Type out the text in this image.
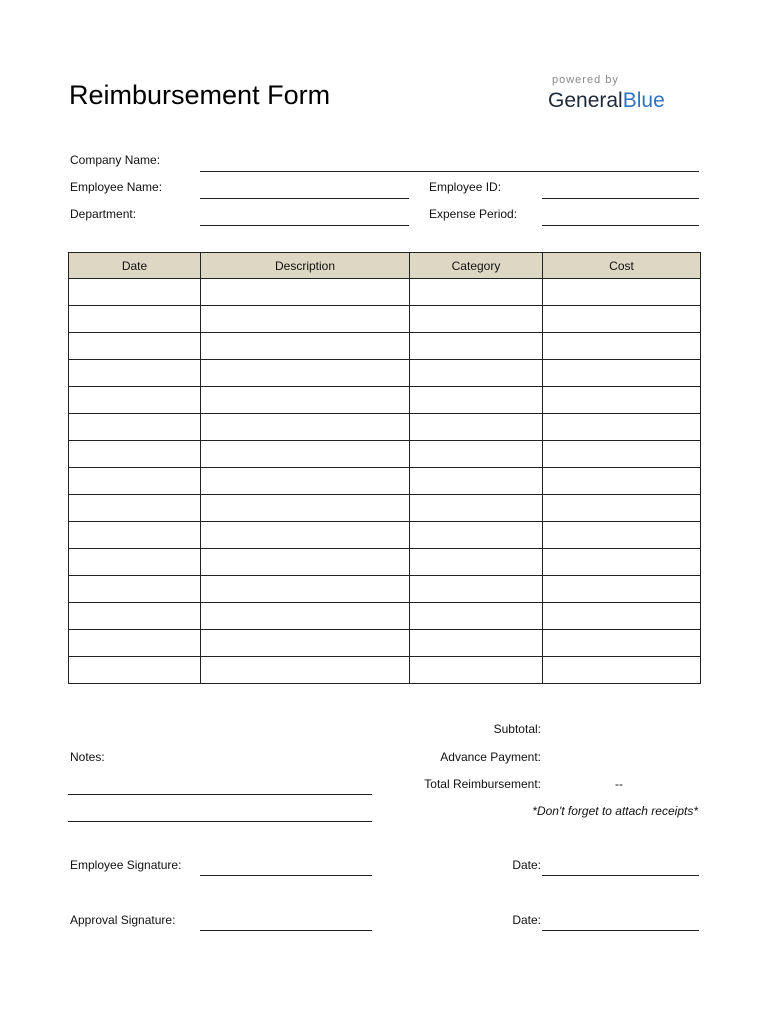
Reimbursement Form	powered by
GeneralBlue
Company Name:
Employee Name:	Employee ID:
Department:	Expense Period:
Date	Description	Category	Cost

Subtotal:
Advance Payment:
Total Reimbursement:	--
*Don't forget to attach receipts*
Notes:
Employee Signature:	Date:
Approval Signature:	Date:
